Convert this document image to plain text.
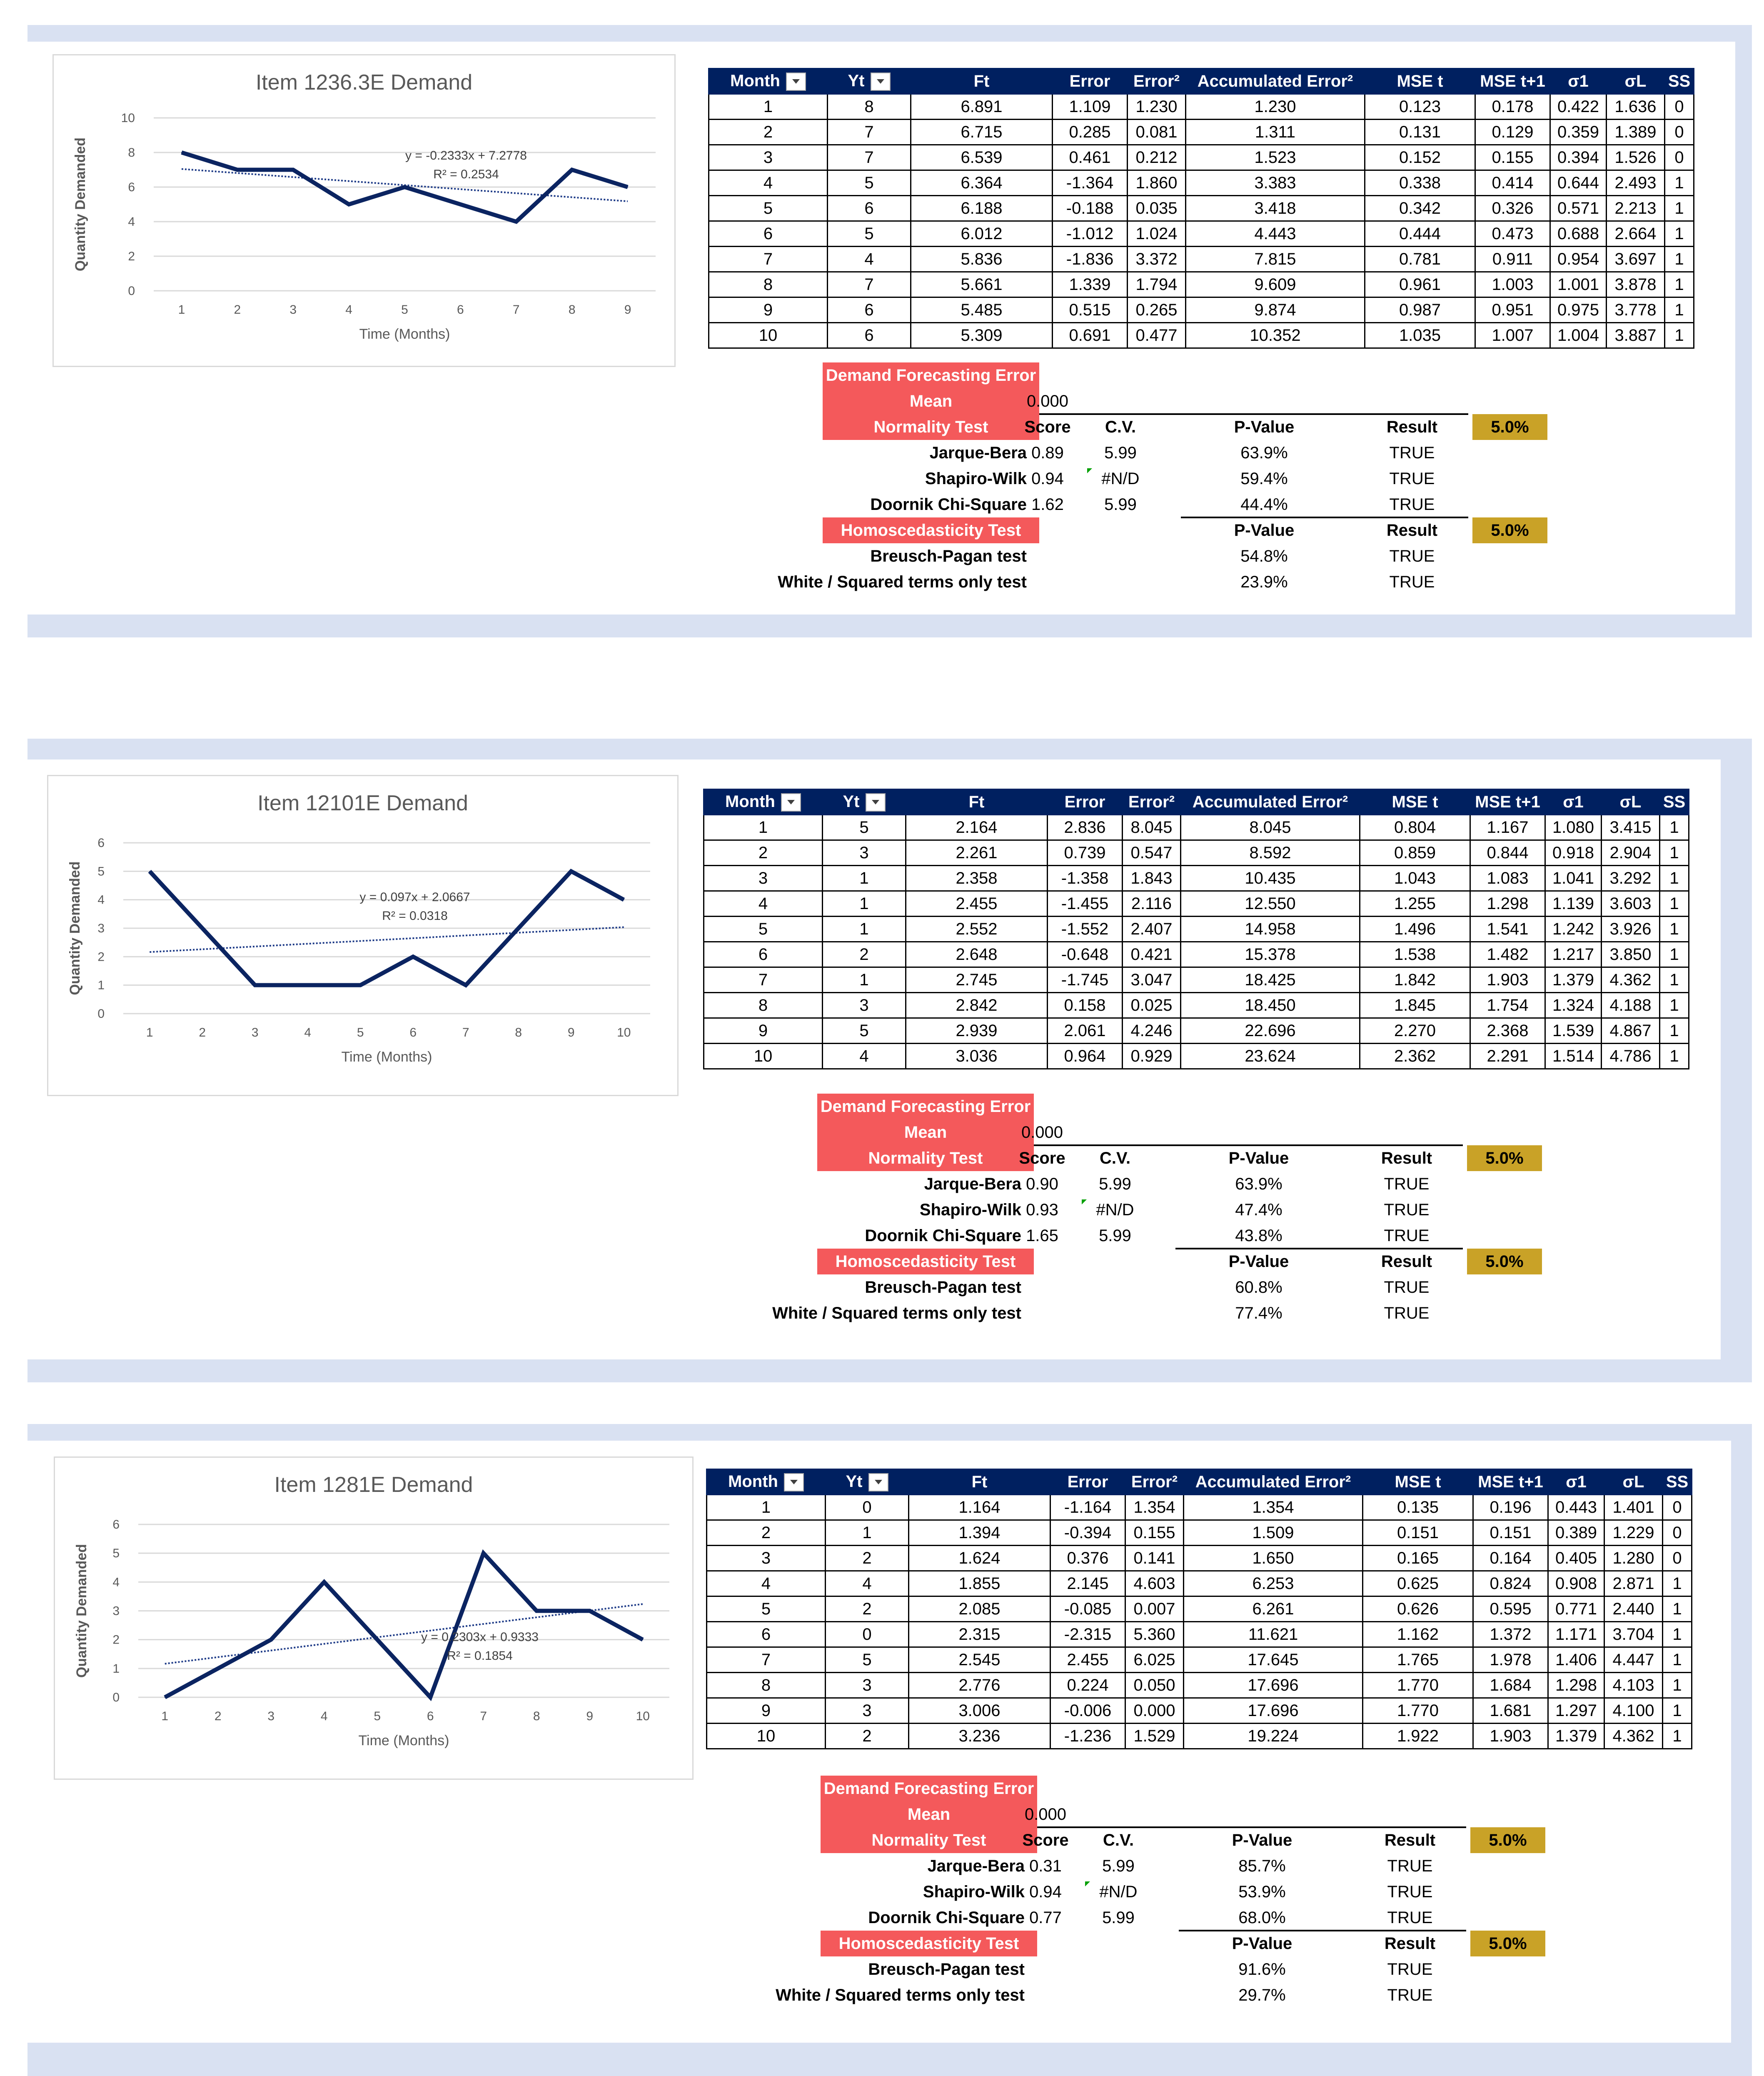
Item 1236.3E Demand
0
2
4
6
8
10
1	2	3	4	5	6	7	8	9
Time (Months)
Quantity Demanded	y = -0.2333x + 7.2778
R² = 0.2534
Month	Yt	Ft	Error	Error²	Accumulated Error²	MSE t	MSE t+1	σ1	σL	SS
1	8	6.891	1.109	1.230	1.230	0.123	0.178	0.422	1.636	0
2	7	6.715	0.285	0.081	1.311	0.131	0.129	0.359	1.389	0
3	7	6.539	0.461	0.212	1.523	0.152	0.155	0.394	1.526	0
4	5	6.364	-1.364	1.860	3.383	0.338	0.414	0.644	2.493	1
5	6	6.188	-0.188	0.035	3.418	0.342	0.326	0.571	2.213	1
6	5	6.012	-1.012	1.024	4.443	0.444	0.473	0.688	2.664	1
7	4	5.836	-1.836	3.372	7.815	0.781	0.911	0.954	3.697	1
8	7	5.661	1.339	1.794	9.609	0.961	1.003	1.001	3.878	1
9	6	5.485	0.515	0.265	9.874	0.987	0.951	0.975	3.778	1
10	6	5.309	0.691	0.477	10.352	1.035	1.007	1.004	3.887	1
Demand Forecasting Error
Mean	0.000
Normality Test	Score	C.V.	P-Value	Result	5.0%
Jarque-Bera 0.89	5.99	63.9%	TRUE
Shapiro-Wilk 0.94	#N/D	59.4%	TRUE
Doornik Chi-Square 1.62	5.99	44.4%	TRUE
Homoscedasticity Test	P-Value	Result	5.0%
Breusch-Pagan test	54.8%	TRUE
White / Squared terms only test	23.9%	TRUE
Item 12101E Demand
0
1
2
3
4
5
6
1	2	3	4	5	6	7	8	9	10
Time (Months)
Quantity Demanded	y = 0.097x + 2.0667
R² = 0.0318
Month	Yt	Ft	Error	Error²	Accumulated Error²	MSE t	MSE t+1	σ1	σL	SS
1	5	2.164	2.836	8.045	8.045	0.804	1.167	1.080	3.415	1
2	3	2.261	0.739	0.547	8.592	0.859	0.844	0.918	2.904	1
3	1	2.358	-1.358	1.843	10.435	1.043	1.083	1.041	3.292	1
4	1	2.455	-1.455	2.116	12.550	1.255	1.298	1.139	3.603	1
5	1	2.552	-1.552	2.407	14.958	1.496	1.541	1.242	3.926	1
6	2	2.648	-0.648	0.421	15.378	1.538	1.482	1.217	3.850	1
7	1	2.745	-1.745	3.047	18.425	1.842	1.903	1.379	4.362	1
8	3	2.842	0.158	0.025	18.450	1.845	1.754	1.324	4.188	1
9	5	2.939	2.061	4.246	22.696	2.270	2.368	1.539	4.867	1
10	4	3.036	0.964	0.929	23.624	2.362	2.291	1.514	4.786	1
Demand Forecasting Error
Mean	0.000
Normality Test	Score	C.V.	P-Value	Result	5.0%
Jarque-Bera 0.90	5.99	63.9%	TRUE
Shapiro-Wilk 0.93	#N/D	47.4%	TRUE
Doornik Chi-Square 1.65	5.99	43.8%	TRUE
Homoscedasticity Test	P-Value	Result	5.0%
Breusch-Pagan test	60.8%	TRUE
White / Squared terms only test	77.4%	TRUE
Item 1281E Demand
0
1
2
3
4
5
6
1	2	3	4	5	6	7	8	9	10
Time (Months)
Quantity Demanded	y = 0.2303x + 0.9333
R² = 0.1854
Month	Yt	Ft	Error	Error²	Accumulated Error²	MSE t	MSE t+1	σ1	σL	SS
1	0	1.164	-1.164	1.354	1.354	0.135	0.196	0.443	1.401	0
2	1	1.394	-0.394	0.155	1.509	0.151	0.151	0.389	1.229	0
3	2	1.624	0.376	0.141	1.650	0.165	0.164	0.405	1.280	0
4	4	1.855	2.145	4.603	6.253	0.625	0.824	0.908	2.871	1
5	2	2.085	-0.085	0.007	6.261	0.626	0.595	0.771	2.440	1
6	0	2.315	-2.315	5.360	11.621	1.162	1.372	1.171	3.704	1
7	5	2.545	2.455	6.025	17.645	1.765	1.978	1.406	4.447	1
8	3	2.776	0.224	0.050	17.696	1.770	1.684	1.298	4.103	1
9	3	3.006	-0.006	0.000	17.696	1.770	1.681	1.297	4.100	1
10	2	3.236	-1.236	1.529	19.224	1.922	1.903	1.379	4.362	1
Demand Forecasting Error
Mean	0.000
Normality Test	Score	C.V.	P-Value	Result	5.0%
Jarque-Bera 0.31	5.99	85.7%	TRUE
Shapiro-Wilk 0.94	#N/D	53.9%	TRUE
Doornik Chi-Square 0.77	5.99	68.0%	TRUE
Homoscedasticity Test	P-Value	Result	5.0%
Breusch-Pagan test	91.6%	TRUE
White / Squared terms only test	29.7%	TRUE
